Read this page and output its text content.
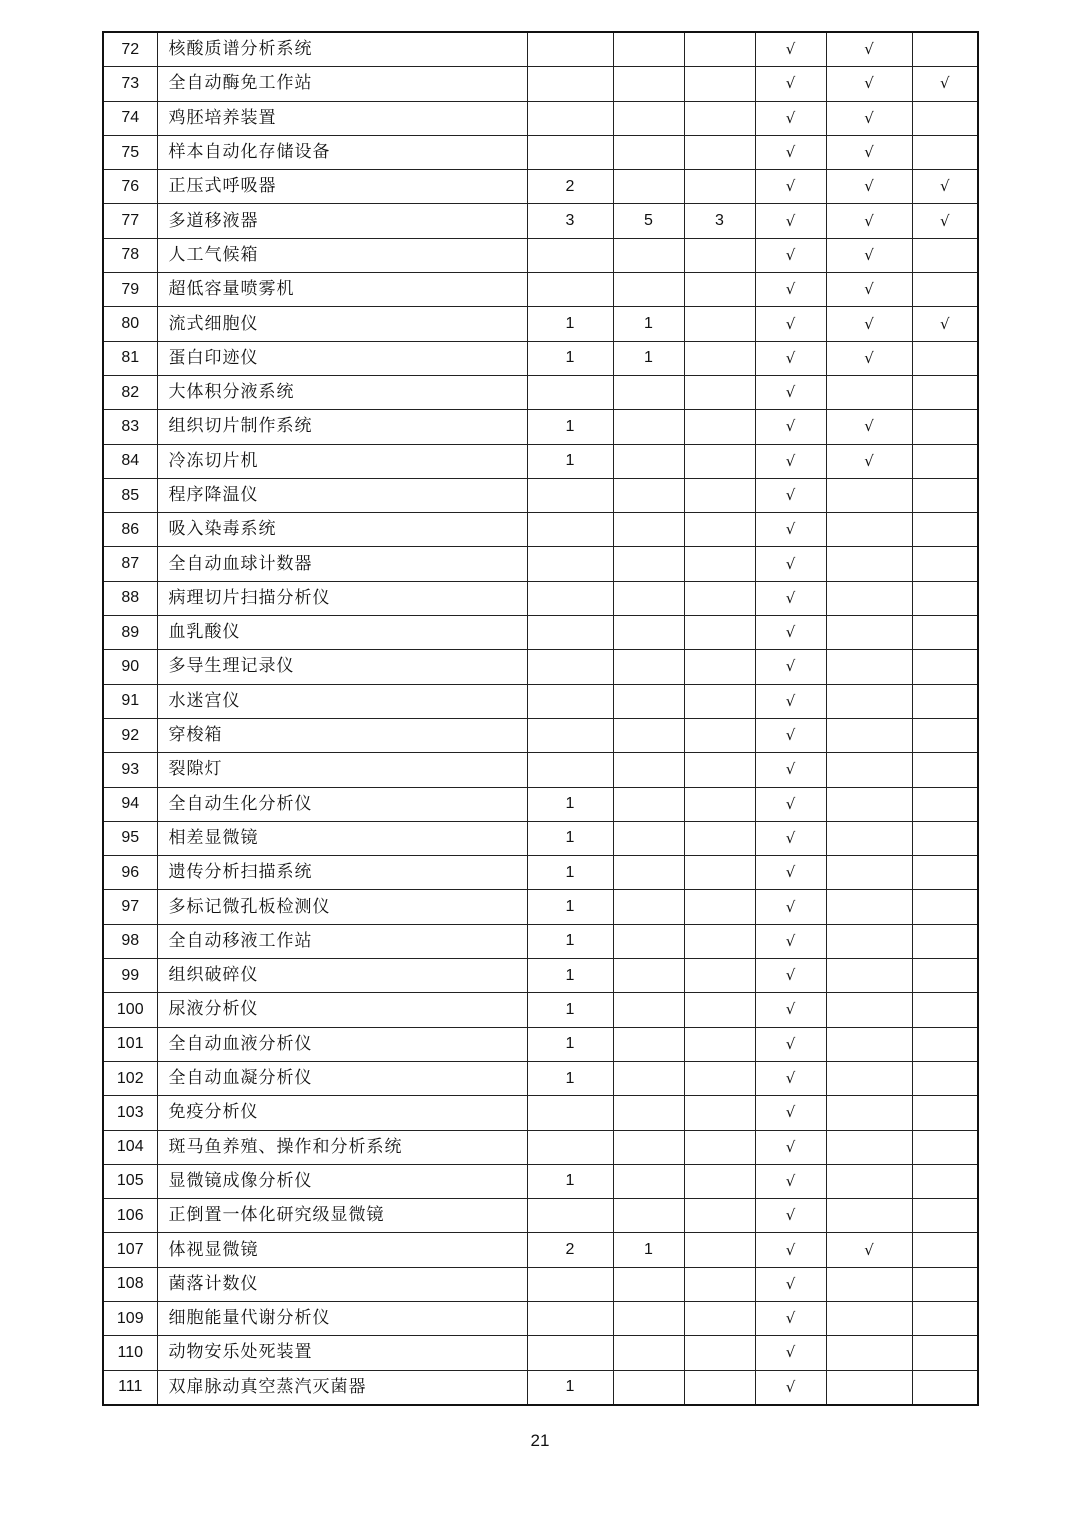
72	核酸质谱分析系统				√	√	
73	全自动酶免工作站				√	√	√
74	鸡胚培养装置				√	√	
75	样本自动化存储设备				√	√	
76	正压式呼吸器	2			√	√	√
77	多道移液器	3	5	3	√	√	√
78	人工气候箱				√	√	
79	超低容量喷雾机				√	√	
80	流式细胞仪	1	1		√	√	√
81	蛋白印迹仪	1	1		√	√	
82	大体积分液系统				√		
83	组织切片制作系统	1			√	√	
84	冷冻切片机	1			√	√	
85	程序降温仪				√		
86	吸入染毒系统				√		
87	全自动血球计数器				√		
88	病理切片扫描分析仪				√		
89	血乳酸仪				√		
90	多导生理记录仪				√		
91	水迷宫仪				√		
92	穿梭箱				√		
93	裂隙灯				√		
94	全自动生化分析仪	1			√		
95	相差显微镜	1			√		
96	遗传分析扫描系统	1			√		
97	多标记微孔板检测仪	1			√		
98	全自动移液工作站	1			√		
99	组织破碎仪	1			√		
100	尿液分析仪	1			√		
101	全自动血液分析仪	1			√		
102	全自动血凝分析仪	1			√		
103	免疫分析仪				√		
104	斑马鱼养殖、操作和分析系统				√		
105	显微镜成像分析仪	1			√		
106	正倒置一体化研究级显微镜				√		
107	体视显微镜	2	1		√	√	
108	菌落计数仪				√		
109	细胞能量代谢分析仪				√		
110	动物安乐处死装置				√		
111	双扉脉动真空蒸汽灭菌器	1			√		
21
